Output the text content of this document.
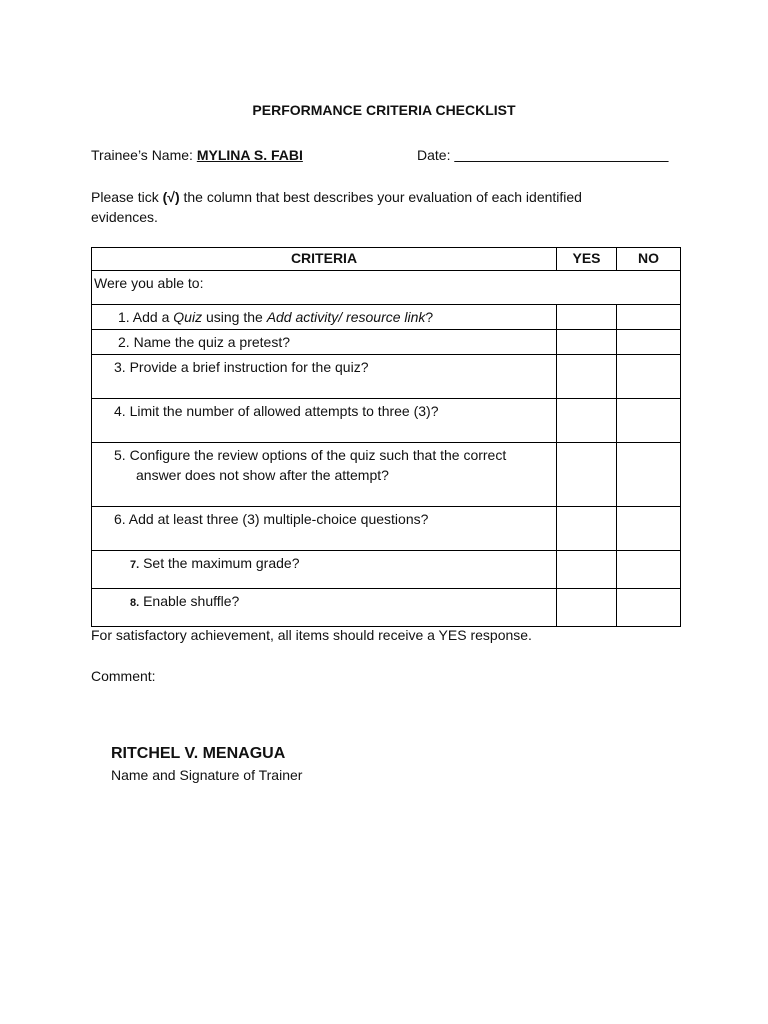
PERFORMANCE CRITERIA CHECKLIST
Trainee’s Name: MYLINA S. FABI	Date: _ __________________________
Please tick (√) the column that best describes your evaluation of each identified evidences.
CRITERIA	YES	NO

Were you able to:		

1. Add a Quiz using the Add activity/ resource link?		

2. Name the quiz a pretest?		

3. Provide a brief instruction for the quiz?		

4. Limit the number of allowed attempts to three (3)?		

5. Configure the review options of the quiz such that the correct
answer does not show after the attempt?		

6. Add at least three (3) multiple-choice questions?		

7. Set the maximum grade?		

8. Enable shuffle?		

For satisfactory achievement, all items should receive a YES response.
Comment:
RITCHEL V. MENAGUA
Name and Signature of Trainer
